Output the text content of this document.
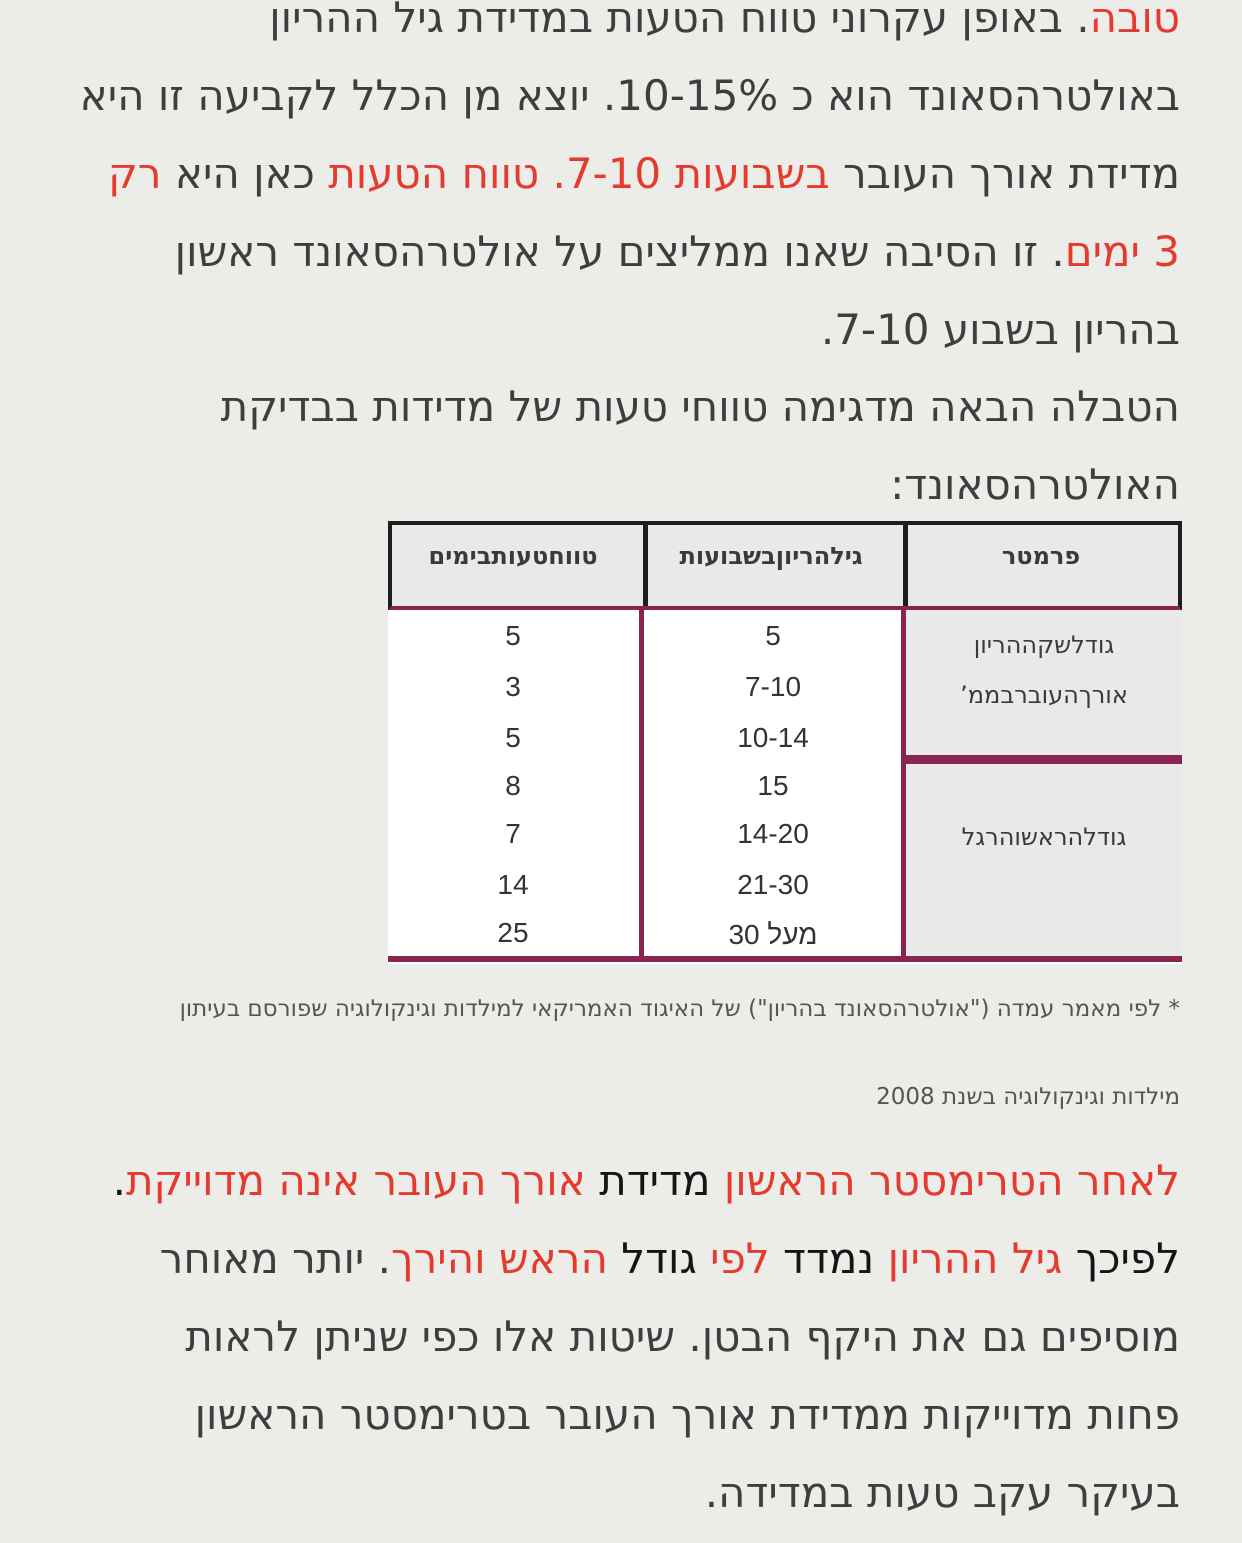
טובה. באופן עקרוני טווח הטעות במדידת גיל ההריון
באולטרהסאונד הוא כ 10-15%. יוצא מן הכלל לקביעה זו היא
מדידת אורך העובר בשבועות 7-10. טווח הטעות כאן היא רק
3 ימים. זו הסיבה שאנו ממליצים על אולטרהסאונד ראשון
בהריון בשבוע 7-10.
הטבלה הבאה מדגימה טווחי טעות של מדידות בבדיקת
האולטרהסאונד:
פרמטר
גילהריוןבשבועות
טווחטעותבימים
גודלשקההריון
אורךהעוברבממ’
גודלהראשוהרגל
5
7-10
10-14
15
14-20
21-30
מעל 30
5
3
5
8
7
14
25
* לפי מאמר עמדה ("אולטרהסאונד בהריון") של האיגוד האמריקאי למילדות וגינקולוגיה שפורסם בעיתון
מילדות וגינקולוגיה בשנת 2008
לאחר הטרימסטר הראשון מדידת אורך העובר אינה מדוייקת.
לפיכך גיל ההריון נמדד לפי גודל הראש והירך. יותר מאוחר
מוסיפים גם את היקף הבטן. שיטות אלו כפי שניתן לראות
פחות מדוייקות ממדידת אורך העובר בטרימסטר הראשון
בעיקר עקב טעות במדידה.
